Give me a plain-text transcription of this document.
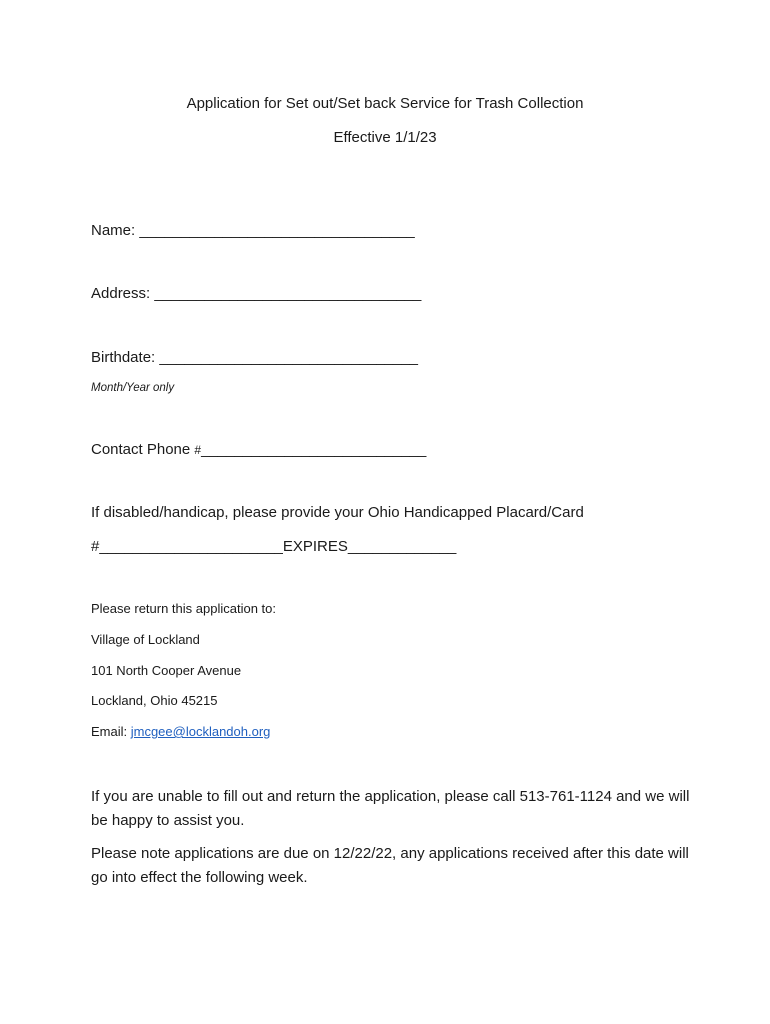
Application for Set out/Set back Service for Trash Collection

Effective 1/1/23

Name: _________________________________

Address: ________________________________

Birthdate: _______________________________

Month/Year only

Contact Phone #___________________________

If disabled/handicap, please provide your Ohio Handicapped Placard/Card

#______________________EXPIRES_____________

Please return this application to:

Village of Lockland

101 North Cooper Avenue

Lockland, Ohio 45215

Email: jmcgee@locklandoh.org

If you are unable to fill out and return the application, please call 513-761-1124 and we will be happy to assist you.

Please note applications are due on 12/22/22, any applications received after this date will go into effect the following week.
